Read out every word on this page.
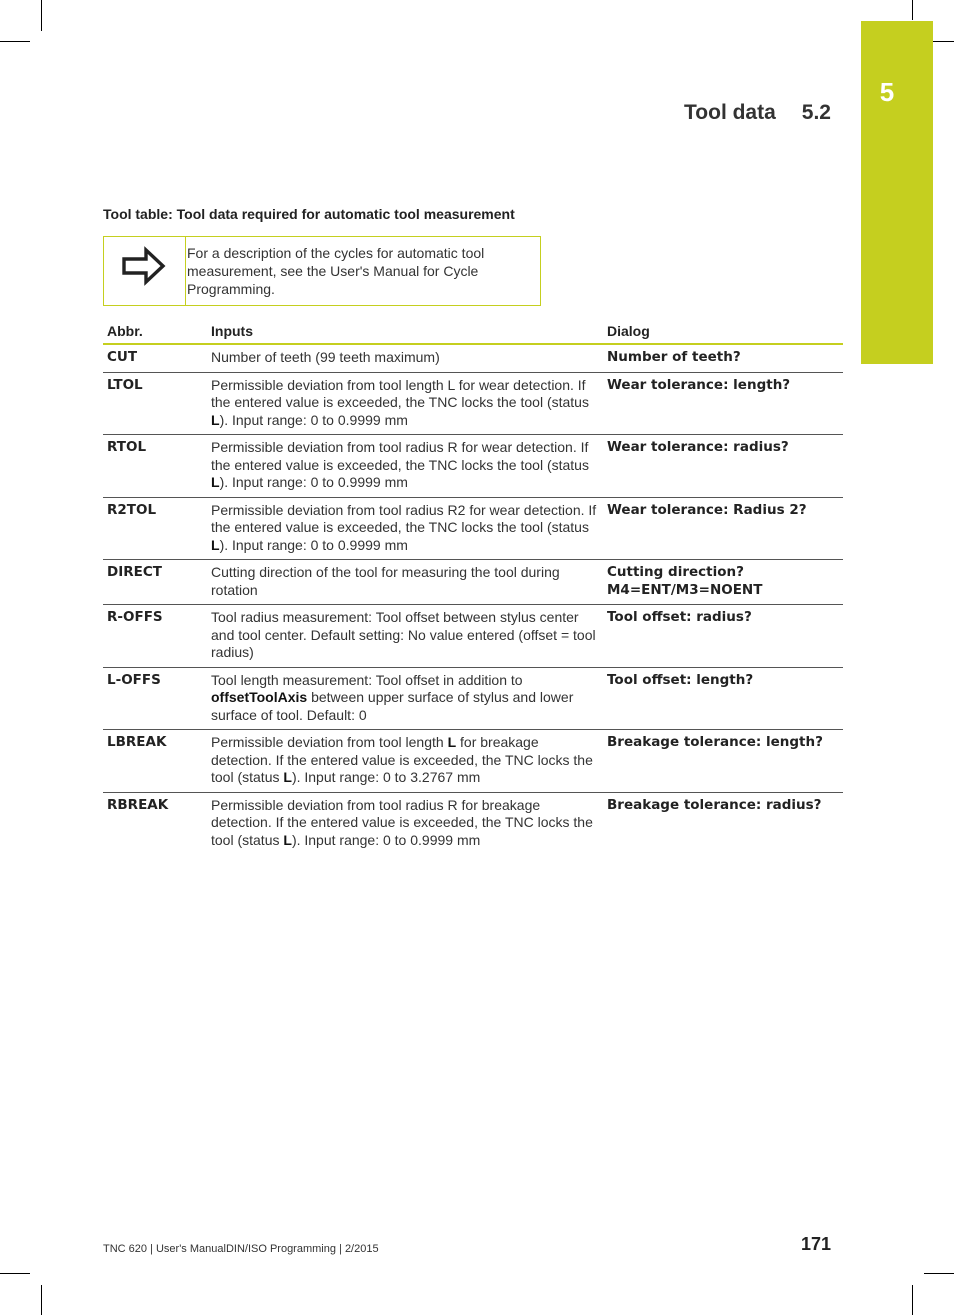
5
Tool data 5.2
Tool table: Tool data required for automatic tool measurement
For a description of the cycles for automatic tool measurement, see the User's Manual for Cycle Programming.
Abbr.	Inputs	Dialog
CUT	Number of teeth (99 teeth maximum)	Number of teeth?
LTOL	Permissible deviation from tool length L for wear detection. If the entered value is exceeded, the TNC locks the tool (status L). Input range: 0 to 0.9999 mm	Wear tolerance: length?
RTOL	Permissible deviation from tool radius R for wear detection. If the entered value is exceeded, the TNC locks the tool (status L). Input range: 0 to 0.9999 mm	Wear tolerance: radius?
R2TOL	Permissible deviation from tool radius R2 for wear detection. If the entered value is exceeded, the TNC locks the tool (status L). Input range: 0 to 0.9999 mm	Wear tolerance: Radius 2?
DIRECT	Cutting direction of the tool for measuring the tool during rotation	Cutting direction? M4=ENT/M3=NOENT
R-OFFS	Tool radius measurement: Tool offset between stylus center and tool center. Default setting: No value entered (offset = tool radius)	Tool offset: radius?
L-OFFS	Tool length measurement: Tool offset in addition to offsetToolAxis between upper surface of stylus and lower surface of tool. Default: 0	Tool offset: length?
LBREAK	Permissible deviation from tool length L for breakage detection. If the entered value is exceeded, the TNC locks the tool (status L). Input range: 0 to 3.2767 mm	Breakage tolerance: length?
RBREAK	Permissible deviation from tool radius R for breakage detection. If the entered value is exceeded, the TNC locks the tool (status L). Input range: 0 to 0.9999 mm	Breakage tolerance: radius?
TNC 620 | User's ManualDIN/ISO Programming | 2/2015	171
